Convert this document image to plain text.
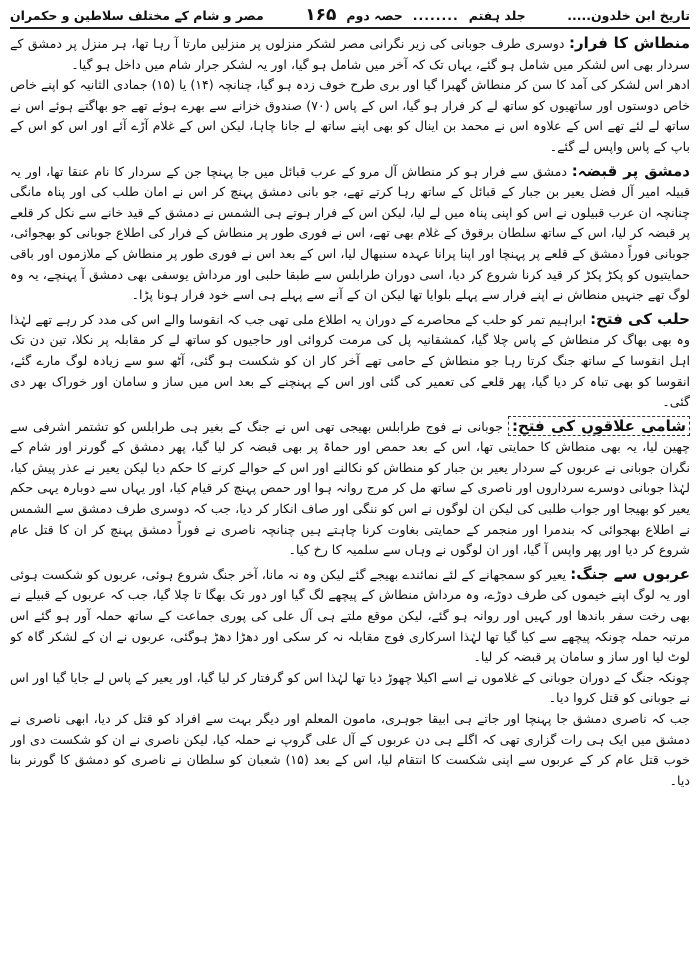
تاریخ ابن خلدون.....
جلد ہفتم
........
حصہ دوم
۱۶۵
مصر و شام کے مختلف سلاطین و حکمران

منطاش کا فرار: دوسری طرف جوبانی کی زیر نگرانی مصر لشکر منزلوں پر منزلیں مارتا آ رہا تھا، ہر منزل پر دمشق کے سردار بھی اس لشکر میں شامل ہو گئے، یہاں تک کہ آخر میں شامل ہو گیا، اور یہ لشکر جرار شام میں داخل ہو گیا۔

ادھر اس لشکر کی آمد کا سن کر منطاش گھبرا گیا اور بری طرح خوف زدہ ہو گیا، چنانچہ (۱۴) یا (۱۵) جمادی الثانیہ کو اپنے خاص خاص دوستوں اور ساتھیوں کو ساتھ لے کر فرار ہو گیا، اس کے پاس (۷۰) صندوق خزانے سے بھرے ہوئے تھے جو بھاگتے ہوئے اس نے ساتھ لے لئے تھے اس کے علاوہ اس نے محمد بن اینال کو بھی اپنے ساتھ لے جانا چاہا، لیکن اس کے غلام آڑے آئے اور اس کو اس کے باپ کے پاس واپس لے گئے۔

دمشق پر قبضہ: دمشق سے فرار ہو کر منطاش آل مرو کے عرب قبائل میں جا پہنچا جن کے سردار کا نام عنقا تھا، اور یہ قبیلہ امیر آل فضل یعیر بن جبار کے قبائل کے ساتھ رہا کرتے تھے، جو بانی دمشق پہنچ کر اس نے امان طلب کی اور پناہ مانگی چنانچہ ان عرب قبیلوں نے اس کو اپنی پناہ میں لے لیا، لیکن اس کے فرار ہوتے ہی الشمس نے دمشق کے قید خانے سے نکل کر قلعے پر قبضہ کر لیا، اس کے ساتھ سلطان برقوق کے غلام بھی تھے، اس نے فوری طور پر منطاش کے فرار کی اطلاع جوبانی کو بھجوائی، جوبانی فوراً دمشق کے قلعے پر پہنچا اور اپنا پرانا عہدہ سنبھال لیا، اس کے بعد اس نے فوری طور پر منطاش کے ملازموں اور باقی حمایتیوں کو پکڑ پکڑ کر قید کرنا شروع کر دیا، اسی دوران طرابلس سے طبقا حلبی اور مرداش یوسفی بھی دمشق آ پہنچے، یہ وہ لوگ تھے جنہیں منطاش نے اپنے فرار سے پہلے بلوایا تھا لیکن ان کے آنے سے پہلے ہی اسے خود فرار ہونا پڑا۔

حلب کی فتح: ابراہیم تمر کو حلب کے محاصرے کے دوران یہ اطلاع ملی تھی جب کہ انقوسا والے اس کی مدد کر رہے تھے لہٰذا وہ بھی بھاگ کر منطاش کے پاس چلا گیا، کمشقانیہ پل کی مرمت کروائی اور حاجیوں کو ساتھ لے کر مقابلہ پر نکلا، تین دن تک اہل انقوسا کے ساتھ جنگ کرتا رہا جو منطاش کے حامی تھے آخر کار ان کو شکست ہو گئی، آٹھ سو سے زیادہ لوگ مارے گئے، انقوسا کو بھی تباہ کر دیا گیا، پھر قلعے کی تعمیر کی گئی اور اس کے پہنچنے کے بعد اس میں ساز و سامان اور خوراک بھر دی گئی۔

شامی علاقوں کی فتح: جوبانی نے فوج طرابلس بھیجی تھی اس نے جنگ کے بغیر ہی طرابلس کو تشتمر اشرفی سے چھین لیا، یہ بھی منطاش کا حمایتی تھا، اس کے بعد حمص اور حماۃ پر بھی قبضہ کر لیا گیا، پھر دمشق کے گورنر اور شام کے نگران جوبانی نے عربوں کے سردار یعیر بن جبار کو منطاش کو نکالنے اور اس کے حوالے کرنے کا حکم دیا لیکن یعیر نے عذر پیش کیا، لہٰذا جوبانی دوسرے سرداروں اور ناصری کے ساتھ مل کر مرج روانہ ہوا اور حمص پہنچ کر قیام کیا، اور یہاں سے دوبارہ یہی حکم یعیر کو بھیجا اور جواب طلبی کی لیکن ان لوگوں نے اس کو ننگی اور صاف انکار کر دیا، جب کہ دوسری طرف دمشق سے الشمس نے اطلاع بھجوائی کہ بندمرا اور منجمر کے حمایتی بغاوت کرنا چاہتے ہیں چنانچہ ناصری نے فوراً دمشق پہنچ کر ان کا قتل عام شروع کر دیا اور پھر واپس آ گیا، اور ان لوگوں نے وہاں سے سلمیہ کا رخ کیا۔

عربوں سے جنگ: یعیر کو سمجھانے کے لئے نمائندے بھیجے گئے لیکن وہ نہ مانا، آخر جنگ شروع ہوئی، عربوں کو شکست ہوئی اور یہ لوگ اپنے خیموں کی طرف دوڑے، وہ مرداش منطاش کے پیچھے لگ گیا اور دور تک بھگا تا چلا گیا، جب کہ عربوں کے قبیلے نے بھی رخت سفر باندھا اور کہیں اور روانہ ہو گئے، لیکن موقع ملتے ہی آل علی کی پوری جماعت کے ساتھ حملہ آور ہو گئے اس مرتبہ حملہ چونکہ پیچھے سے کیا گیا تھا لہٰذا اسرکاری فوج مقابلہ نہ کر سکی اور دھڑا دھڑ ہوگئی، عربوں نے ان کے لشکر گاہ کو لوٹ لیا اور ساز و سامان پر قبضہ کر لیا۔

چونکہ جنگ کے دوران جوبانی کے غلاموں نے اسے اکیلا چھوڑ دیا تھا لہٰذا اس کو گرفتار کر لیا گیا، اور یعیر کے پاس لے جایا گیا اور اس نے جوبانی کو قتل کروا دیا۔

جب کہ ناصری دمشق جا پہنچا اور جاتے ہی ابیقا جوہری، مامون المعلم اور دیگر بہت سے افراد کو قتل کر دیا، ابھی ناصری نے دمشق میں ایک ہی رات گزاری تھی کہ اگلے ہی دن عربوں کے آل علی گروپ نے حملہ کیا، لیکن ناصری نے ان کو شکست دی اور خوب قتل عام کر کے عربوں سے اپنی شکست کا انتقام لیا، اس کے بعد (۱۵) شعبان کو سلطان نے ناصری کو دمشق کا گورنر بنا دیا۔
